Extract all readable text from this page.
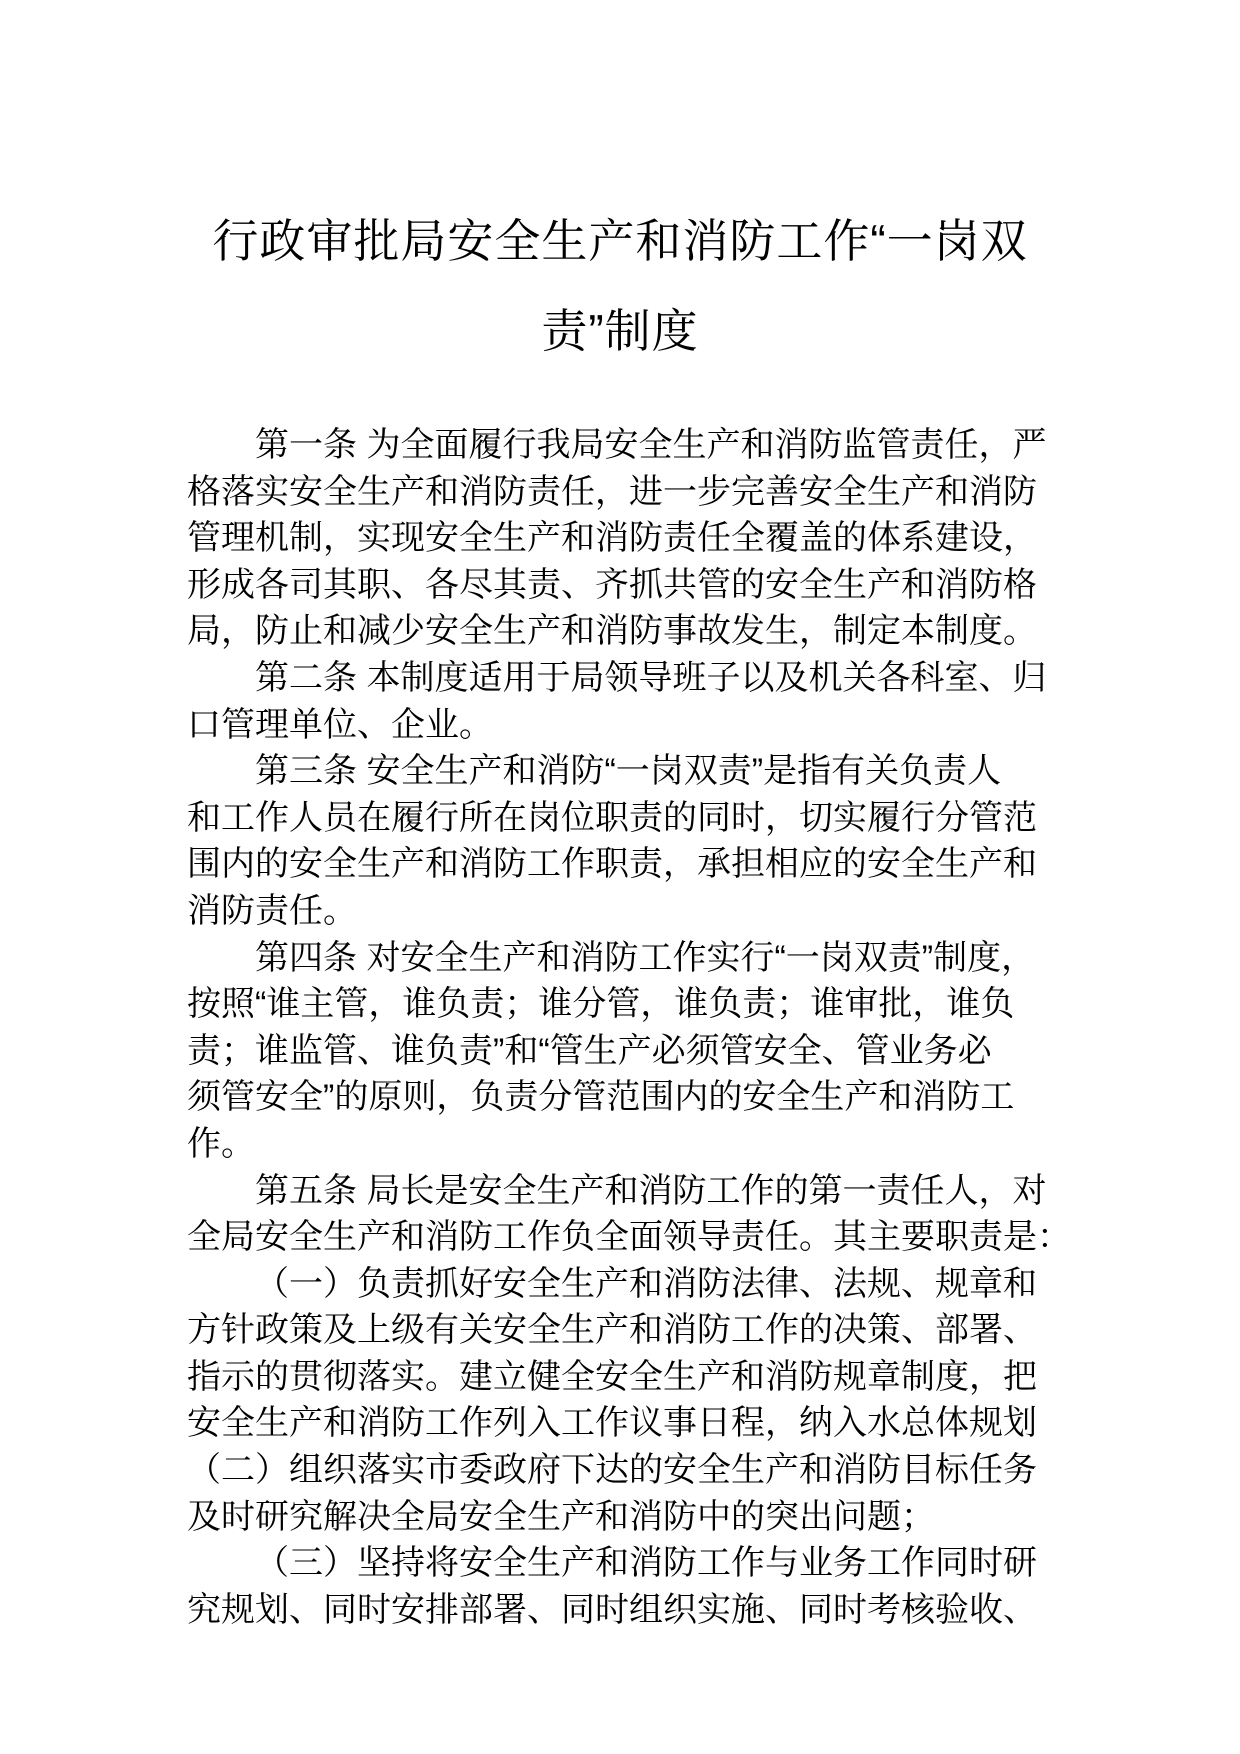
行政审批局安全生产和消防工作“一岗双
责”制度
第一条 为全面履行我局安全生产和消防监管责任，严
格落实安全生产和消防责任，进一步完善安全生产和消防
管理机制，实现安全生产和消防责任全覆盖的体系建设，
形成各司其职、各尽其责、齐抓共管的安全生产和消防格
局，防止和减少安全生产和消防事故发生，制定本制度。
第二条 本制度适用于局领导班子以及机关各科室、归
口管理单位、企业。
第三条 安全生产和消防“一岗双责”是指有关负责人
和工作人员在履行所在岗位职责的同时，切实履行分管范
围内的安全生产和消防工作职责，承担相应的安全生产和
消防责任。
第四条 对安全生产和消防工作实行“一岗双责”制度，
按照“谁主管，谁负责；谁分管，谁负责；谁审批，谁负
责；谁监管、谁负责”和“管生产必须管安全、管业务必
须管安全”的原则，负责分管范围内的安全生产和消防工
作。
第五条 局长是安全生产和消防工作的第一责任人，对
全局安全生产和消防工作负全面领导责任。其主要职责是：
（一）负责抓好安全生产和消防法律、法规、规章和
方针政策及上级有关安全生产和消防工作的决策、部署、
指示的贯彻落实。建立健全安全生产和消防规章制度，把
安全生产和消防工作列入工作议事日程，纳入水总体规划
（二）组织落实市委政府下达的安全生产和消防目标任务
及时研究解决全局安全生产和消防中的突出问题；
（三）坚持将安全生产和消防工作与业务工作同时研
究规划、同时安排部署、同时组织实施、同时考核验收、
